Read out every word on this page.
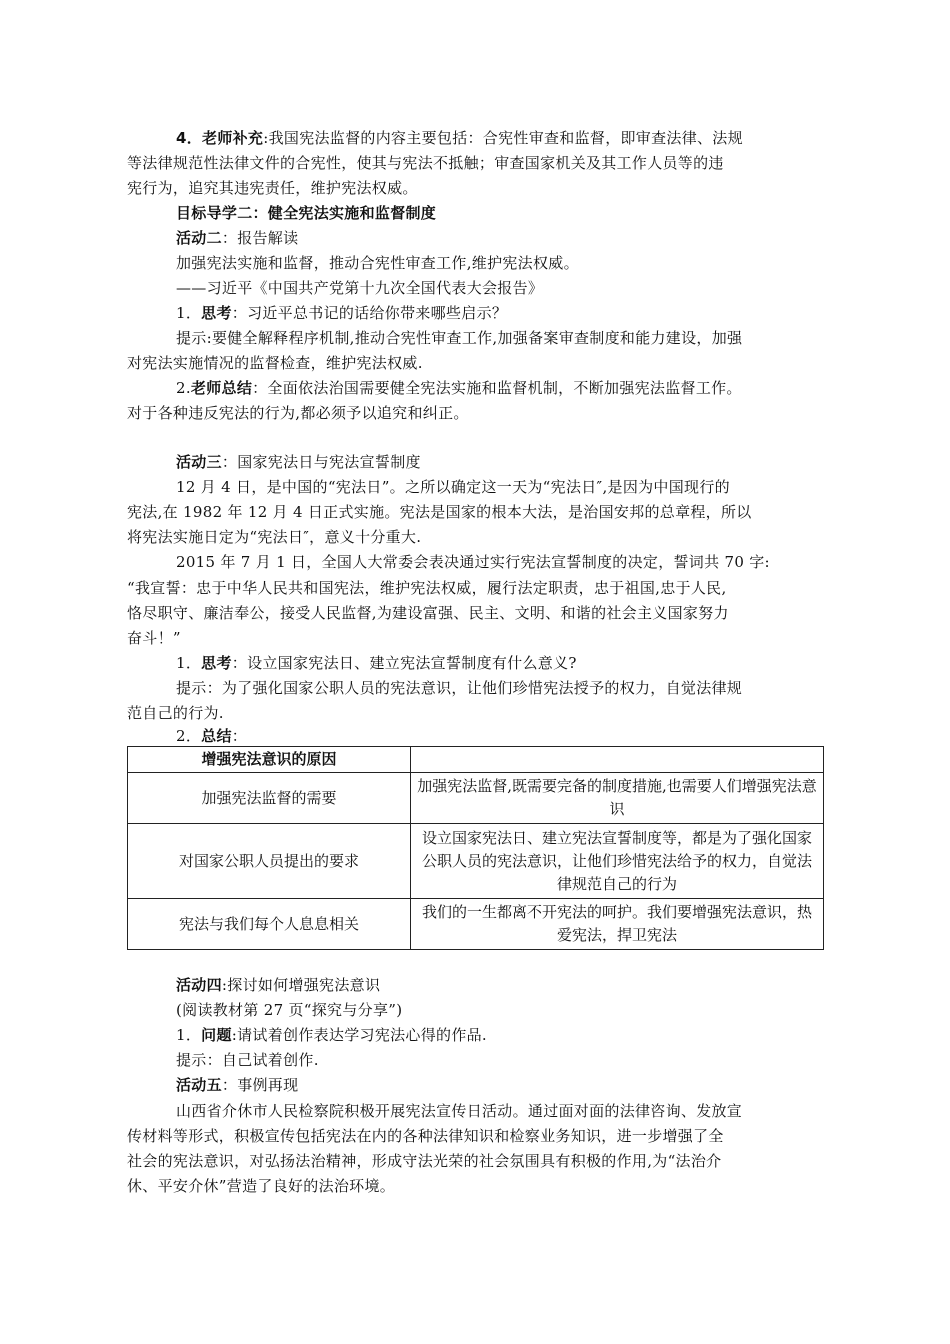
4．老师补充:我国宪法监督的内容主要包括：合宪性审查和监督，即审查法律、法规
等法律规范性法律文件的合宪性，使其与宪法不抵触；审查国家机关及其工作人员等的违
宪行为，追究其违宪责任，维护宪法权威。
目标导学二：健全宪法实施和监督制度
活动二：报告解读
加强宪法实施和监督，推动合宪性审查工作,维护宪法权威。
——习近平《中国共产党第十九次全国代表大会报告》
1．思考：习近平总书记的话给你带来哪些启示？
提示:要健全解释程序机制,推动合宪性审查工作,加强备案审查制度和能力建设，加强
对宪法实施情况的监督检查，维护宪法权威.
2.老师总结：全面依法治国需要健全宪法实施和监督机制，不断加强宪法监督工作。
对于各种违反宪法的行为,都必须予以追究和纠正。
活动三：国家宪法日与宪法宣誓制度
12 月 4 日，是中国的“宪法日”。之所以确定这一天为“宪法日″,是因为中国现行的
宪法,在 1982 年 12 月 4 日正式实施。宪法是国家的根本大法，是治国安邦的总章程，所以
将宪法实施日定为“宪法日″，意义十分重大.
2015 年 7 月 1 日，全国人大常委会表决通过实行宪法宣誓制度的决定，誓词共 70 字:
“我宣誓：忠于中华人民共和国宪法，维护宪法权威，履行法定职责，忠于祖国,忠于人民,
恪尽职守、廉洁奉公，接受人民监督,为建设富强、民主、文明、和谐的社会主义国家努力
奋斗！”
1．思考：设立国家宪法日、建立宪法宣誓制度有什么意义?
提示：为了强化国家公职人员的宪法意识，让他们珍惜宪法授予的权力，自觉法律规
范自己的行为.
2．总结：
增强宪法意识的原因	
加强宪法监督的需要	加强宪法监督,既需要完备的制度措施,也需要人们增强宪法意识
对国家公职人员提出的要求	设立国家宪法日、建立宪法宣誓制度等，都是为了强化国家公职人员的宪法意识，让他们珍惜宪法给予的权力，自觉法律规范自己的行为
宪法与我们每个人息息相关	我们的一生都离不开宪法的呵护。我们要增强宪法意识，热爱宪法，捍卫宪法
活动四:探讨如何增强宪法意识
(阅读教材第 27 页“探究与分享”)
1．问题:请试着创作表达学习宪法心得的作品.
提示：自己试着创作.
活动五：事例再现
山西省介休市人民检察院积极开展宪法宣传日活动。通过面对面的法律咨询、发放宣
传材料等形式，积极宣传包括宪法在内的各种法律知识和检察业务知识，进一步增强了全
社会的宪法意识，对弘扬法治精神，形成守法光荣的社会氛围具有积极的作用,为“法治介
休、平安介休”营造了良好的法治环境。
